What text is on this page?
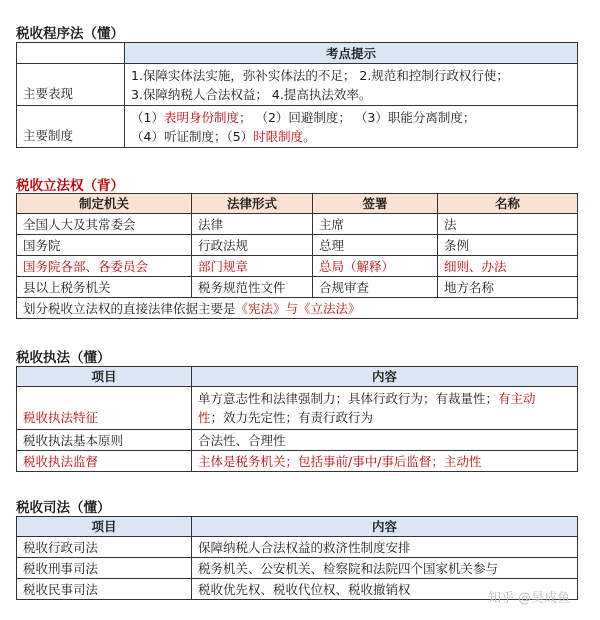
税收程序法（懂）
	考点提示
主要表现	1.保障实体法实施，弥补实体法的不足； 2.规范和控制行政权行使；
3.保障纳税人合法权益； 4.提高执法效率。

主要制度	（1）表明身份制度； （2）回避制度； （3）职能分离制度；
（4）听证制度；（5）时限制度。
税收立法权（背）
制定机关	法律形式	签署	名称
全国人大及其常委会	法律	主席	法
国务院	行政法规	总理	条例
国务院各部、各委员会	部门规章	总局（解释）	细则、办法
县以上税务机关	税务规范性文件	合规审查	地方名称
划分税收立法权的直接法律依据主要是《宪法》与《立法法》			
税收执法（懂）
项目	内容
税收执法特征	单方意志性和法律强制力；具体行政行为；有裁量性；有主动
性；效力先定性；有责行政行为

税收执法基本原则	合法性、合理性
税收执法监督	主体是税务机关；包括事前/事中/事后监督；主动性
税收司法（懂）
项目	内容
税收行政司法	保障纳税人合法权益的救济性制度安排
税收刑事司法	税务机关、公安机关、检察院和法院四个国家机关参与
税收民事司法	税收优先权、税收代位权、税收撤销权
知乎 @昊成鱼
